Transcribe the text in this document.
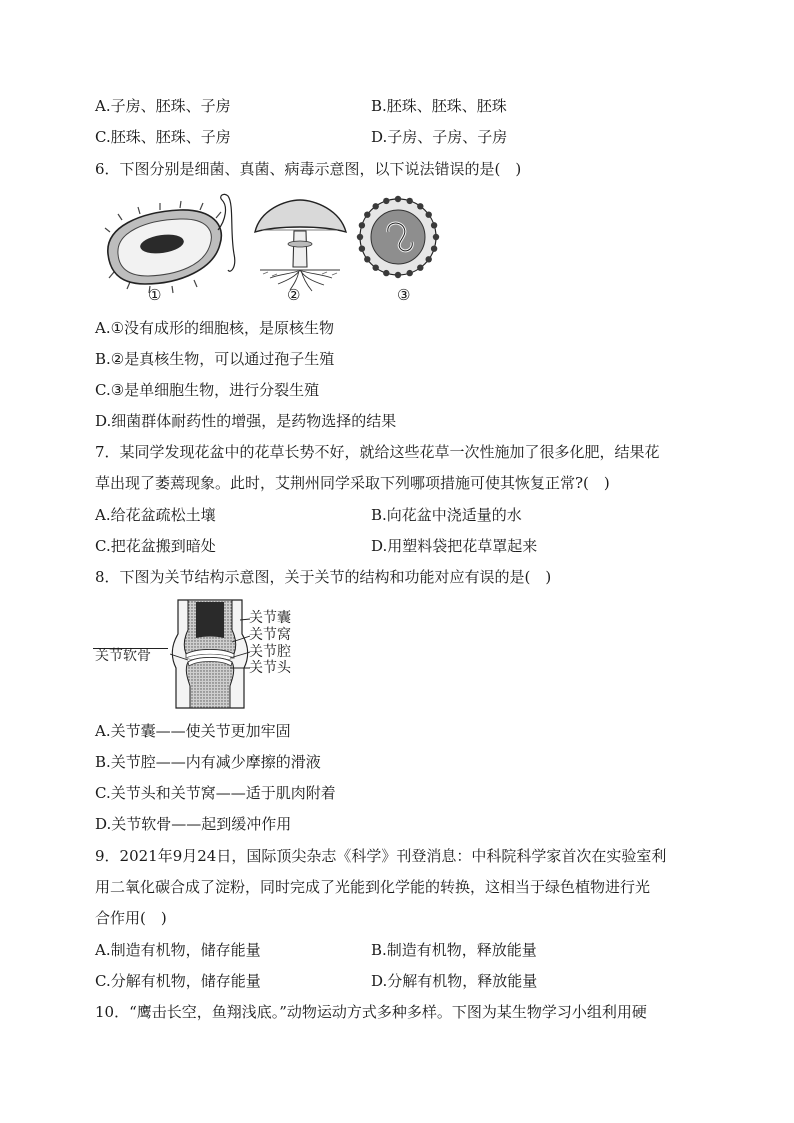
A.子房、胚珠、子房	B.胚珠、胚珠、胚珠
C.胚珠、胚珠、子房	D.子房、子房、子房
6．下图分别是细菌、真菌、病毒示意图，以下说法错误的是(　)
①	②	③
A.①没有成形的细胞核，是原核生物
B.②是真核生物，可以通过孢子生殖
C.③是单细胞生物，进行分裂生殖
D.细菌群体耐药性的增强，是药物选择的结果
7．某同学发现花盆中的花草长势不好，就给这些花草一次性施加了很多化肥，结果花
草出现了萎蔫现象。此时，艾荆州同学采取下列哪项措施可使其恢复正常?(　)
A.给花盆疏松土壤	B.向花盆中浇适量的水
C.把花盆搬到暗处	D.用塑料袋把花草罩起来
8．下图为关节结构示意图，关于关节的结构和功能对应有误的是(　)
关节囊
关节窝
关节腔
关节头
关节软骨
A.关节囊——使关节更加牢固
B.关节腔——内有减少摩擦的滑液
C.关节头和关节窝——适于肌肉附着
D.关节软骨——起到缓冲作用
9．2021年9月24日，国际顶尖杂志《科学》刊登消息：中科院科学家首次在实验室利
用二氧化碳合成了淀粉，同时完成了光能到化学能的转换，这相当于绿色植物进行光
合作用(　)
A.制造有机物，储存能量	B.制造有机物，释放能量
C.分解有机物，储存能量	D.分解有机物，释放能量
10．“鹰击长空，鱼翔浅底。”动物运动方式多种多样。下图为某生物学习小组利用硬
